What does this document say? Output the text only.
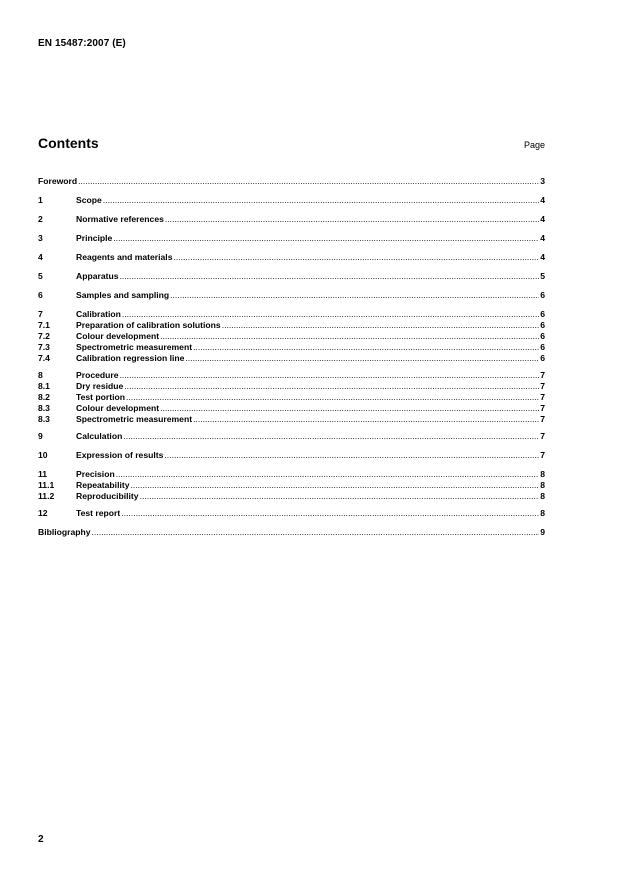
EN 15487:2007 (E)
Contents	Page
Foreword .....	3
1	Scope .....	4
2	Normative references .....	4
3	Principle .....	4
4	Reagents and materials .....	4
5	Apparatus .....	5
6	Samples and sampling .....	6
7	Calibration .....	6
7.1	Preparation of calibration solutions .....	6
7.2	Colour development .....	6
7.3	Spectrometric measurement .....	6
7.4	Calibration regression line .....	6
8	Procedure .....	7
8.1	Dry residue .....	7
8.2	Test portion .....	7
8.3	Colour development .....	7
8.3	Spectrometric measurement .....	7
9	Calculation .....	7
10	Expression of results .....	7
11	Precision .....	8
11.1	Repeatability .....	8
11.2	Reproducibility .....	8
12	Test report .....	8
Bibliography .....	9
2
